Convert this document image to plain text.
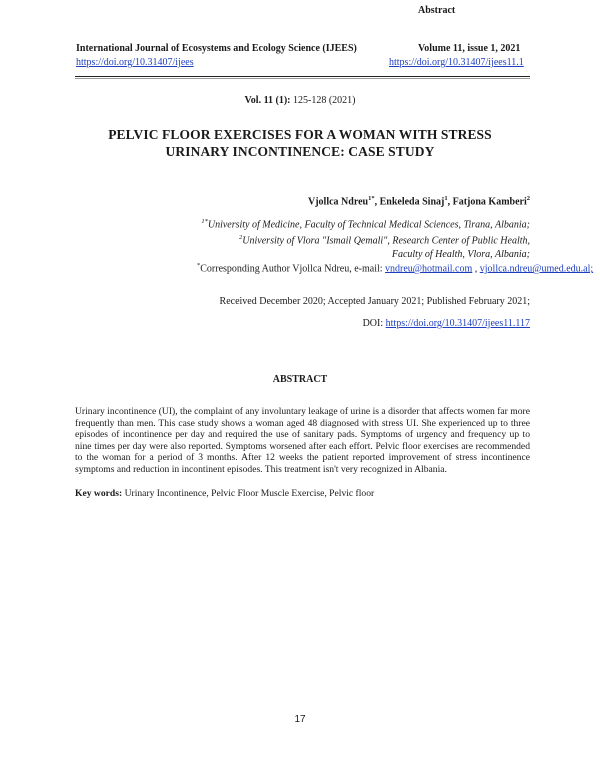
Abstract
International Journal of Ecosystems and Ecology Science (IJEES)
https://doi.org/10.31407/ijees
Volume 11, issue 1, 2021
https://doi.org/10.31407/ijees11.1
Vol. 11 (1): 125-128 (2021)
PELVIC FLOOR EXERCISES FOR A WOMAN WITH STRESS
URINARY INCONTINENCE: CASE STUDY
Vjollca Ndreu$^{1*}$, Enkeleda Sinaj$^1$, Fatjona Kamberi$^2$
$^{1*}$University of Medicine, Faculty of Technical Medical Sciences, Tirana, Albania;
$^2$University of Vlora "Ismail Qemali", Research Center of Public Health,
Faculty of Health, Vlora, Albania;
*Corresponding Author Vjollca Ndreu, e-mail: vndreu@hotmail.com , vjollca.ndreu@umed.edu.al;
Received December 2020; Accepted January 2021; Published February 2021;
DOI: https://doi.org/10.31407/ijees11.117
ABSTRACT
Urinary incontinence (UI), the complaint of any involuntary leakage of urine is a disorder that affects women far more frequently than men. This case study shows a woman aged 48 diagnosed with stress UI. She experienced up to three episodes of incontinence per day and required the use of sanitary pads. Symptoms of urgency and frequency up to nine times per day were also reported. Symptoms worsened after each effort. Pelvic floor exercises are recommended to the woman for a period of 3 months. After 12 weeks the patient reported improvement of stress incontinence symptoms and reduction in incontinent episodes. This treatment isn't very recognized in Albania.
Key words: Urinary Incontinence, Pelvic Floor Muscle Exercise, Pelvic floor
17
